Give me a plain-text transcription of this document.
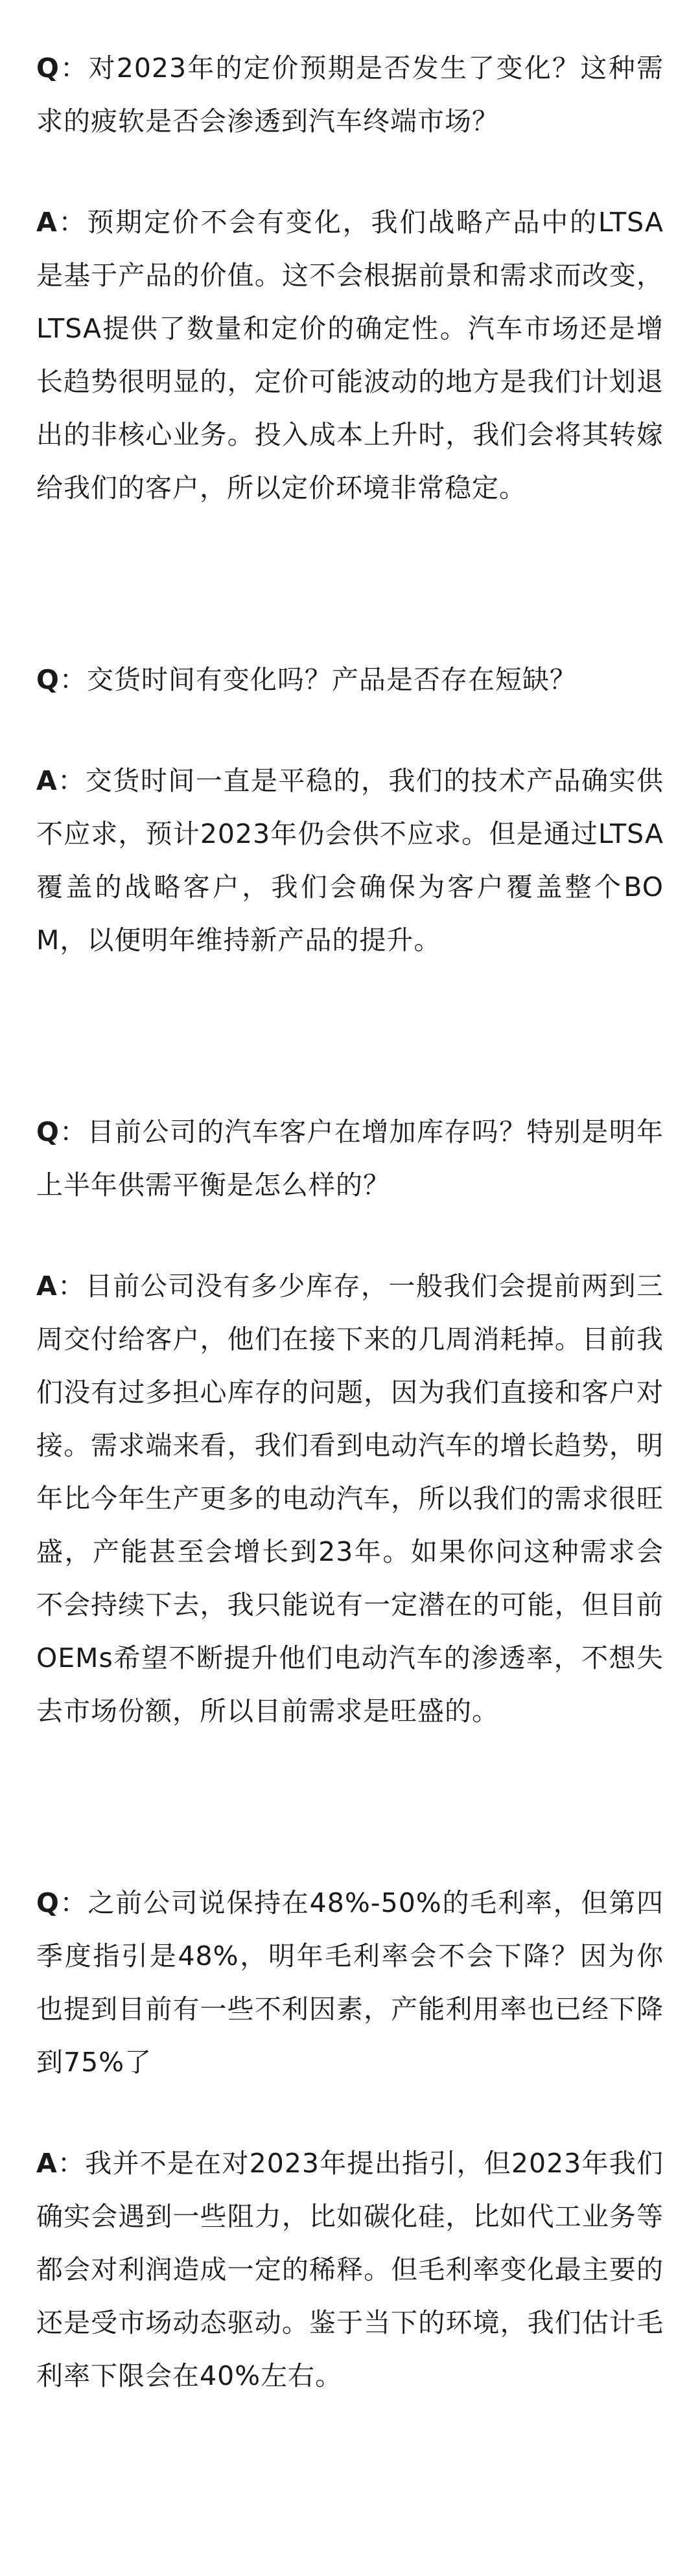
Q：对2023年的定价预期是否发生了变化？这种需求的疲软是否会渗透到汽车终端市场？

A：预期定价不会有变化，我们战略产品中的LTSA是基于产品的价值。这不会根据前景和需求而改变，LTSA提供了数量和定价的确定性。汽车市场还是增长趋势很明显的，定价可能波动的地方是我们计划退出的非核心业务。投入成本上升时，我们会将其转嫁给我们的客户，所以定价环境非常稳定。

Q：交货时间有变化吗？产品是否存在短缺？

A：交货时间一直是平稳的，我们的技术产品确实供不应求，预计2023年仍会供不应求。但是通过LTSA覆盖的战略客户，我们会确保为客户覆盖整个BOM，以便明年维持新产品的提升。

Q：目前公司的汽车客户在增加库存吗？特别是明年上半年供需平衡是怎么样的？

A：目前公司没有多少库存，一般我们会提前两到三周交付给客户，他们在接下来的几周消耗掉。目前我们没有过多担心库存的问题，因为我们直接和客户对接。需求端来看，我们看到电动汽车的增长趋势，明年比今年生产更多的电动汽车，所以我们的需求很旺盛，产能甚至会增长到23年。如果你问这种需求会不会持续下去，我只能说有一定潜在的可能，但目前OEMs希望不断提升他们电动汽车的渗透率，不想失去市场份额，所以目前需求是旺盛的。

Q：之前公司说保持在48%-50%的毛利率，但第四季度指引是48%，明年毛利率会不会下降？因为你也提到目前有一些不利因素，产能利用率也已经下降到75%了

A：我并不是在对2023年提出指引，但2023年我们确实会遇到一些阻力，比如碳化硅，比如代工业务等都会对利润造成一定的稀释。但毛利率变化最主要的还是受市场动态驱动。鉴于当下的环境，我们估计毛利率下限会在40%左右。
